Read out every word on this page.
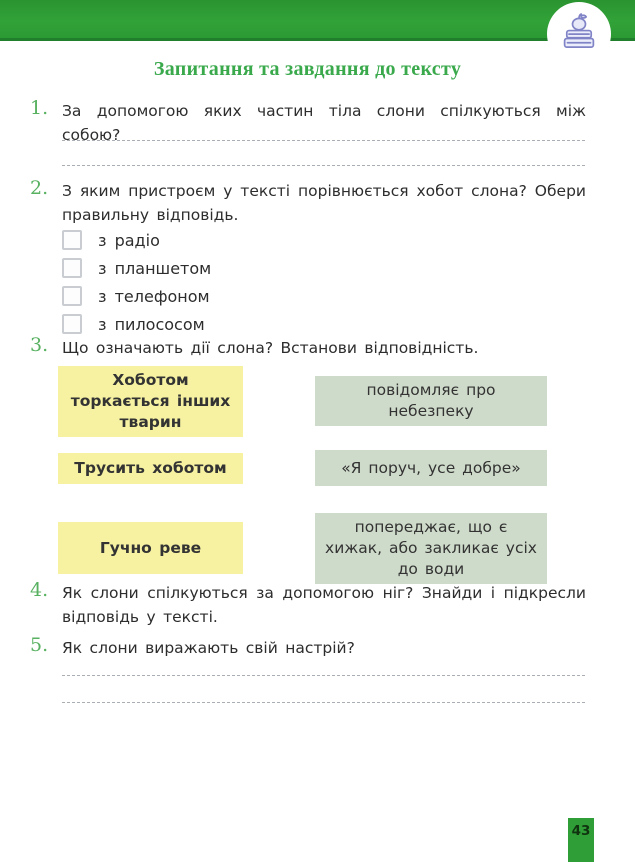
Запитання та завдання до тексту
1. За допомогою яких частин тіла слони спілкуються між собою?
2. З яким пристроєм у тексті порівнюється хобот слона? Обери правильну відповідь.
з радіо
з планшетом
з телефоном
з пилососом
3. Що означають дії слона? Встанови відповідність.
Хоботом торкається інших тварин
повідомляє про небезпеку
Трусить хоботом	«Я поруч, усе добре»
Гучно реве
попереджає, що є хижак, або закликає усіх до води
4. Як слони спілкуються за допомогою ніг? Знайди і підкресли відповідь у тексті.
5. Як слони виражають свій настрій?
43
